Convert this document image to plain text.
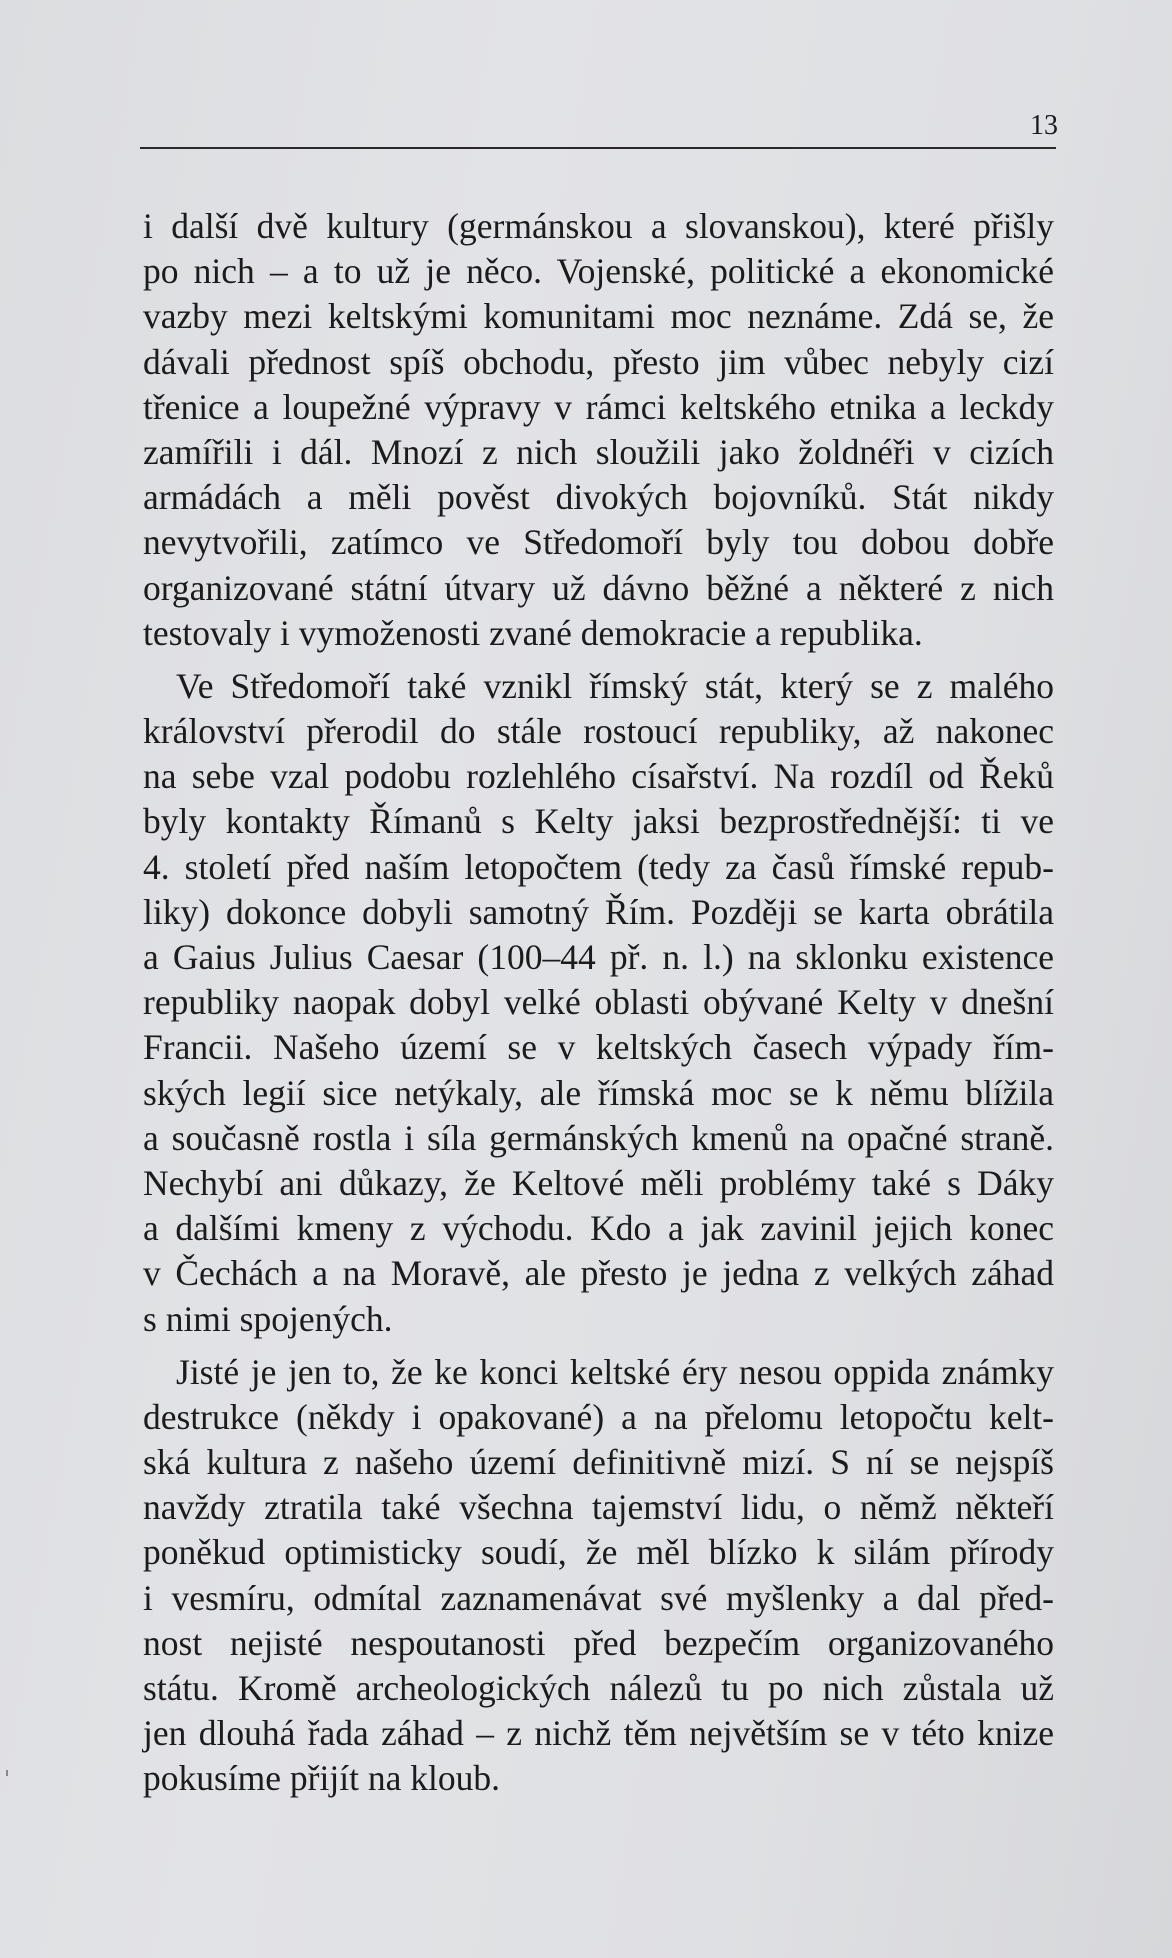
13
i další dvě kultury (germánskou a slovanskou), které přišly
po nich – a to už je něco. Vojenské, politické a ekonomické
vazby mezi keltskými komunitami moc neznáme. Zdá se, že
dávali přednost spíš obchodu, přesto jim vůbec nebyly cizí
třenice a loupežné výpravy v rámci keltského etnika a leckdy
zamířili i dál. Mnozí z nich sloužili jako žoldnéři v cizích
armádách a měli pověst divokých bojovníků. Stát nikdy
nevytvořili, zatímco ve Středomoří byly tou dobou dobře
organizované státní útvary už dávno běžné a některé z nich
testovaly i vymoženosti zvané demokracie a republika.
Ve Středomoří také vznikl římský stát, který se z malého
království přerodil do stále rostoucí republiky, až nakonec
na sebe vzal podobu rozlehlého císařství. Na rozdíl od Řeků
byly kontakty Římanů s Kelty jaksi bezprostřednější: ti ve
4. století před naším letopočtem (tedy za časů římské repub-
liky) dokonce dobyli samotný Řím. Později se karta obrátila
a Gaius Julius Caesar (100–44 př. n. l.) na sklonku existence
republiky naopak dobyl velké oblasti obývané Kelty v dnešní
Francii. Našeho území se v keltských časech výpady řím-
ských legií sice netýkaly, ale římská moc se k němu blížila
a současně rostla i síla germánských kmenů na opačné straně.
Nechybí ani důkazy, že Keltové měli problémy také s Dáky
a dalšími kmeny z východu. Kdo a jak zavinil jejich konec
v Čechách a na Moravě, ale přesto je jedna z velkých záhad
s nimi spojených.
Jisté je jen to, že ke konci keltské éry nesou oppida známky
destrukce (někdy i opakované) a na přelomu letopočtu kelt-
ská kultura z našeho území definitivně mizí. S ní se nejspíš
navždy ztratila také všechna tajemství lidu, o němž někteří
poněkud optimisticky soudí, že měl blízko k silám přírody
i vesmíru, odmítal zaznamenávat své myšlenky a dal před-
nost nejisté nespoutanosti před bezpečím organizovaného
státu. Kromě archeologických nálezů tu po nich zůstala už
jen dlouhá řada záhad – z nichž těm největším se v této knize
pokusíme přijít na kloub.
